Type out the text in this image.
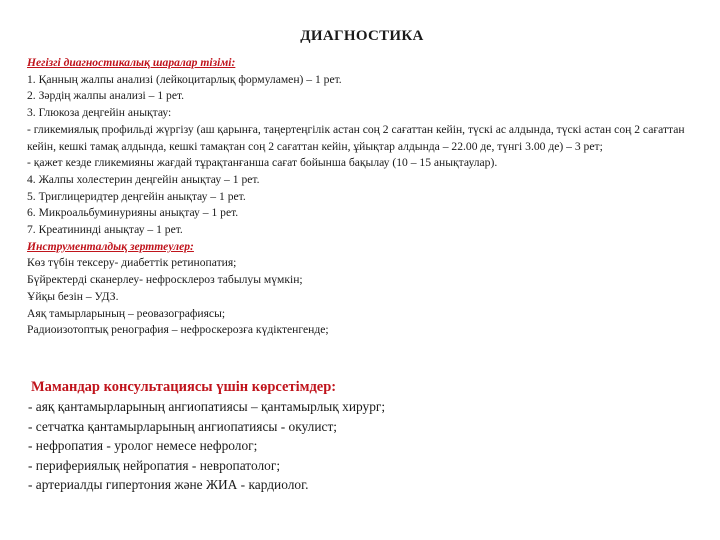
ДИАГНОСТИКА
Негізгі диагностикалық шаралар тізімі:
1. Қанның жалпы анализі (лейкоцитарлық формуламен) – 1 рет.
2. Зәрдің жалпы анализі – 1 рет.
3. Глюкоза деңгейін анықтау:
- гликемиялық профильді жүргізу (аш қарынға, таңертеңгілік астан соң 2 сағаттан кейін, түскі ас алдында, түскі астан соң 2 сағаттан кейін, кешкі тамақ алдында, кешкі тамақтан соң 2 сағаттан кейін, ұйықтар алдында – 22.00 де, түнгі 3.00 де) – 3 рет;
- қажет кезде гликемияны жағдай тұрақтанғанша сағат бойынша бақылау (10 – 15 анықтаулар).
4. Жалпы холестерин деңгейін анықтау – 1 рет.
5. Триглицеридтер деңгейін анықтау – 1 рет.
6. Микроальбуминурияны анықтау – 1 рет.
7. Креатининді анықтау – 1 рет.
Инструменталдық зерттеулер:
Көз түбін тексеру- диабеттік ретинопатия;
Бүйректерді сканерлеу- нефросклероз табылуы мүмкін;
Ұйқы безін – УДЗ.
Аяқ тамырларының – реовазографиясы;
Радиоизотоптық ренография – нефроскерозға күдіктенгенде;
Мамандар консультациясы үшін көрсетімдер:
- аяқ қантамырларының ангиопатиясы – қантамырлық хирург;
- сетчатка қантамырларының ангиопатиясы - окулист;
- нефропатия - уролог немесе нефролог;
- перифериялық нейропатия - невропатолог;
- артериалды гипертония және ЖИА - кардиолог.
